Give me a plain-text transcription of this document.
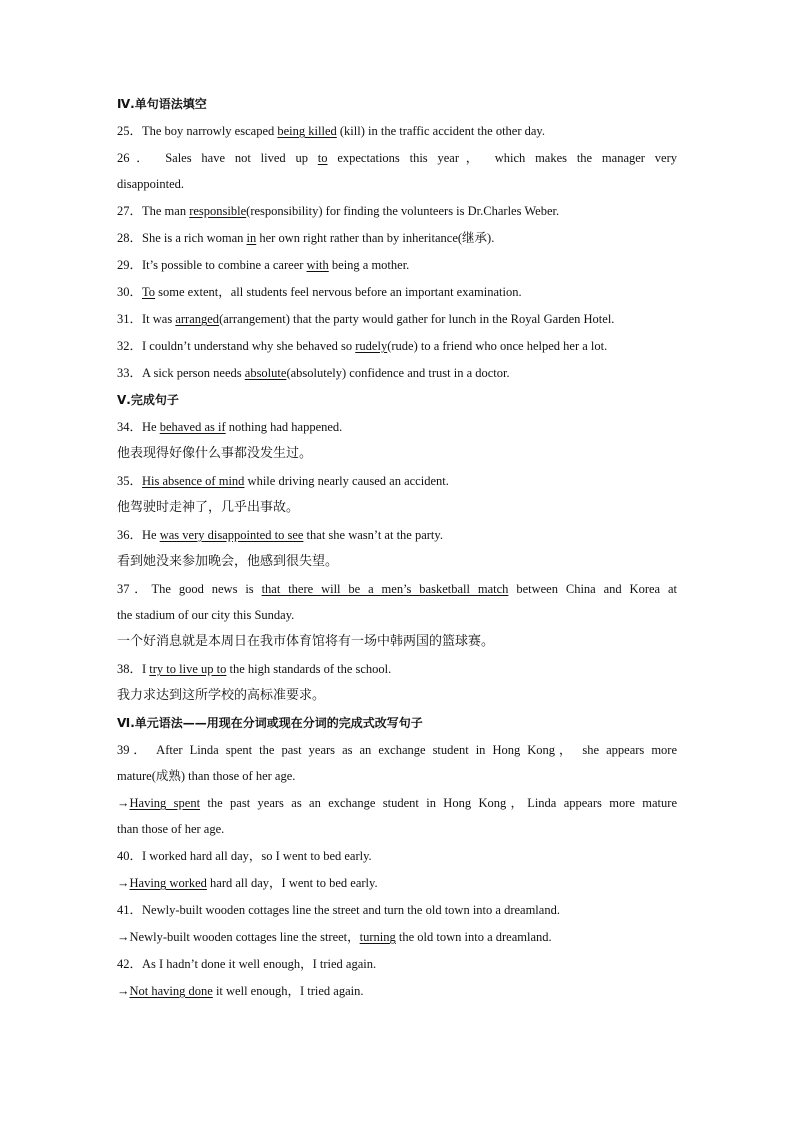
Ⅳ.单句语法填空
25．The boy narrowly escaped being killed (kill) in the traffic accident the other day.
26． Sales have not lived up to expectations this year， which makes the manager very
disappointed.
27．The man responsible(responsibility) for finding the volunteers is Dr.Charles Weber.
28．She is a rich woman in her own right rather than by inheritance(继承).
29．It’s possible to combine a career with being a mother.
30．To some extent，all students feel nervous before an important examination.
31．It was arranged(arrangement) that the party would gather for lunch in the Royal Garden Hotel.
32．I couldn’t understand why she behaved so rudely(rude) to a friend who once helped her a lot.
33．A sick person needs absolute(absolutely) confidence and trust in a doctor.
Ⅴ.完成句子
34．He behaved as if nothing had happened.
他表现得好像什么事都没发生过。
35．His absence of mind while driving nearly caused an accident.
他驾驶时走神了，几乎出事故。
36．He was very disappointed to see that she wasn’t at the party.
看到她没来参加晚会，他感到很失望。
37．The good news is that there will be a men’s basketball match between China and Korea at
the stadium of our city this Sunday.
一个好消息就是本周日在我市体育馆将有一场中韩两国的篮球赛。
38．I try to live up to the high standards of the school.
我力求达到这所学校的高标准要求。
Ⅵ.单元语法——用现在分词或现在分词的完成式改写句子
39． After Linda spent the past years as an exchange student in Hong Kong， she appears more
mature(成熟) than those of her age.
→Having spent the past years as an exchange student in Hong Kong，Linda appears more mature
than those of her age.
40．I worked hard all day，so I went to bed early.
→Having worked hard all day，I went to bed early.
41．Newly-built wooden cottages line the street and turn the old town into a dreamland.
→Newly-built wooden cottages line the street，turning the old town into a dreamland.
42．As I hadn’t done it well enough，I tried again.
→Not having done it well enough，I tried again.
